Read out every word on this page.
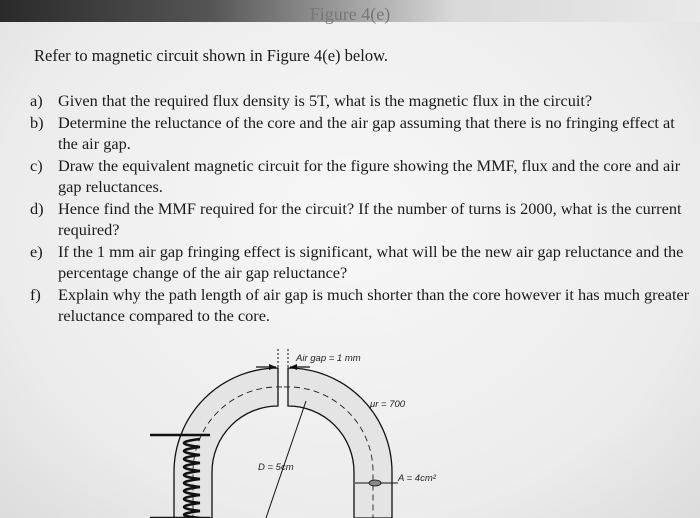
Figure 4(e)
Refer to magnetic circuit shown in Figure 4(e) below.
a) Given that the required flux density is 5T, what is the magnetic flux in the circuit?
b) Determine the reluctance of the core and the air gap assuming that there is no fringing effect at the air gap.
c) Draw the equivalent magnetic circuit for the figure showing the MMF, flux and the core and air gap reluctances.
d) Hence find the MMF required for the circuit? If the number of turns is 2000, what is the current required?
e) If the 1 mm air gap fringing effect is significant, what will be the new air gap reluctance and the percentage change of the air gap reluctance?
f) Explain why the path length of air gap is much shorter than the core however it has much greater reluctance compared to the core.
Air gap = 1 mm
D = 5cm
μr = 700
A = 4cm²
